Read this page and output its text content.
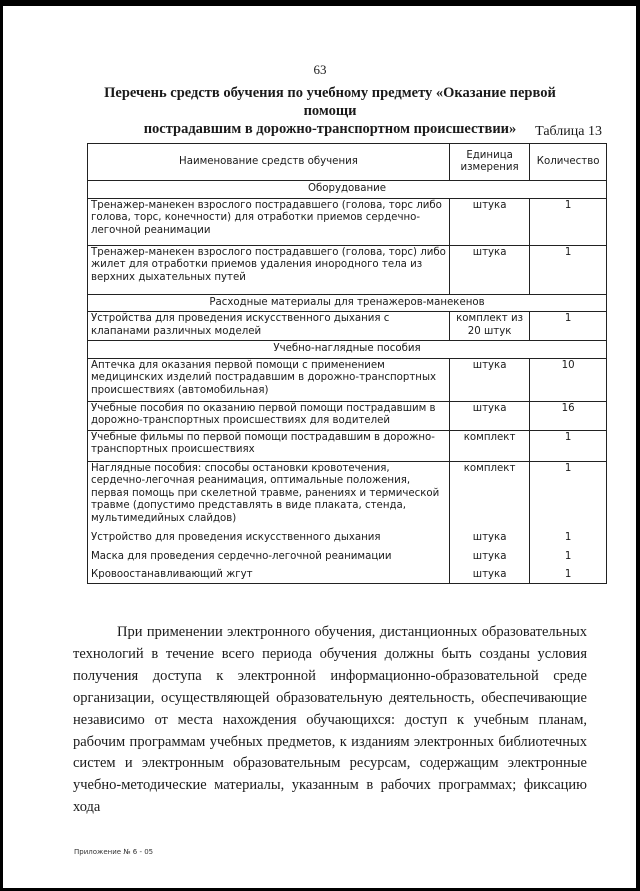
63
Перечень средств обучения по учебному предмету «Оказание первой помощи
пострадавшим в дорожно-транспортном происшествии»	Таблица 13
Наименование средств обучения	Единица измерения	Количество
Оборудование		
Тренажер-манекен взрослого пострадавшего (голова, торс либо голова, торс, конечности) для отработки приемов сердечно-легочной реанимации	штука	1
Тренажер-манекен взрослого пострадавшего (голова, торс) либо жилет для отработки приемов удаления инородного тела из верхних дыхательных путей	штука	1
Расходные материалы для тренажеров-манекенов		
Устройства для проведения искусственного дыхания с клапанами различных моделей	комплект из 20 штук	1
Учебно-наглядные пособия		
Аптечка для оказания первой помощи с применением медицинских изделий пострадавшим в дорожно-транспортных происшествиях (автомобильная)	штука	10
Учебные пособия по оказанию первой помощи пострадавшим в дорожно-транспортных происшествиях для водителей	штука	16
Учебные фильмы по первой помощи пострадавшим в дорожно-транспортных происшествиях	комплект	1
Наглядные пособия: способы остановки кровотечения, сердечно-легочная реанимация, оптимальные положения, первая помощь при скелетной травме, ранениях и термической травме (допустимо представлять в виде плаката, стенда, мультимедийных слайдов)	комплект	1
Устройство для проведения искусственного дыхания	штука	1
Маска для проведения сердечно-легочной реанимации	штука	1
Кровоостанавливающий жгут	штука	1

При применении электронного обучения, дистанционных образовательных технологий в течение всего периода обучения должны быть созданы условия получения доступа к электронной информационно-образовательной среде организации, осуществляющей образовательную деятельность, обеспечивающие независимо от места нахождения обучающихся: доступ к учебным планам, рабочим программам учебных предметов, к изданиям электронных библиотечных систем и электронным образовательным ресурсам, содержащим электронные учебно-методические материалы, указанным в рабочих программах; фиксацию хода

Приложение № 6 - 05
